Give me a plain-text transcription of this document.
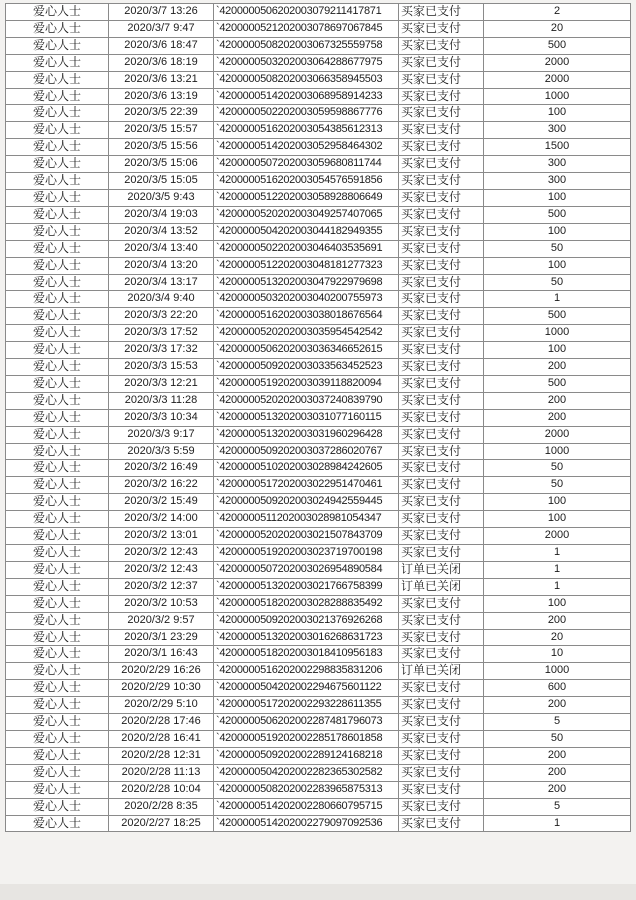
爱心人士	2020/3/7 13:26	`4200000506202003079211417871	买家已支付	2
爱心人士	2020/3/7 9:47	`4200000521202003078697067845	买家已支付	20
爱心人士	2020/3/6 18:47	`4200000508202003067325559758	买家已支付	500
爱心人士	2020/3/6 18:19	`4200000503202003064288677975	买家已支付	2000
爱心人士	2020/3/6 13:21	`4200000508202003066358945503	买家已支付	2000
爱心人士	2020/3/6 13:19	`4200000514202003068958914233	买家已支付	1000
爱心人士	2020/3/5 22:39	`4200000502202003059598867776	买家已支付	100
爱心人士	2020/3/5 15:57	`4200000516202003054385612313	买家已支付	300
爱心人士	2020/3/5 15:56	`4200000514202003052958464302	买家已支付	1500
爱心人士	2020/3/5 15:06	`4200000507202003059680811744	买家已支付	300
爱心人士	2020/3/5 15:05	`4200000516202003054576591856	买家已支付	300
爱心人士	2020/3/5 9:43	`4200000512202003058928806649	买家已支付	100
爱心人士	2020/3/4 19:03	`4200000520202003049257407065	买家已支付	500
爱心人士	2020/3/4 13:52	`4200000504202003044182949355	买家已支付	100
爱心人士	2020/3/4 13:40	`4200000502202003046403535691	买家已支付	50
爱心人士	2020/3/4 13:20	`4200000512202003048181277323	买家已支付	100
爱心人士	2020/3/4 13:17	`4200000513202003047922979698	买家已支付	50
爱心人士	2020/3/4 9:40	`4200000503202003040200755973	买家已支付	1
爱心人士	2020/3/3 22:20	`4200000516202003038018676564	买家已支付	500
爱心人士	2020/3/3 17:52	`4200000520202003035954542542	买家已支付	1000
爱心人士	2020/3/3 17:32	`4200000506202003036346652615	买家已支付	100
爱心人士	2020/3/3 15:53	`4200000509202003033563452523	买家已支付	200
爱心人士	2020/3/3 12:21	`4200000519202003039118820094	买家已支付	500
爱心人士	2020/3/3 11:28	`4200000520202003037240839790	买家已支付	200
爱心人士	2020/3/3 10:34	`4200000513202003031077160115	买家已支付	200
爱心人士	2020/3/3 9:17	`4200000513202003031960296428	买家已支付	2000
爱心人士	2020/3/3 5:59	`4200000509202003037286020767	买家已支付	1000
爱心人士	2020/3/2 16:49	`4200000510202003028984242605	买家已支付	50
爱心人士	2020/3/2 16:22	`4200000517202003022951470461	买家已支付	50
爱心人士	2020/3/2 15:49	`4200000509202003024942559445	买家已支付	100
爱心人士	2020/3/2 14:00	`4200000511202003028981054347	买家已支付	100
爱心人士	2020/3/2 13:01	`4200000520202003021507843709	买家已支付	2000
爱心人士	2020/3/2 12:43	`4200000519202003023719700198	买家已支付	1
爱心人士	2020/3/2 12:43	`4200000507202003026954890584	订单已关闭	1
爱心人士	2020/3/2 12:37	`4200000513202003021766758399	订单已关闭	1
爱心人士	2020/3/2 10:53	`4200000518202003028288835492	买家已支付	100
爱心人士	2020/3/2 9:57	`4200000509202003021376926268	买家已支付	200
爱心人士	2020/3/1 23:29	`4200000513202003016268631723	买家已支付	20
爱心人士	2020/3/1 16:43	`4200000518202003018410956183	买家已支付	10
爱心人士	2020/2/29 16:26	`4200000516202002298835831206	订单已关闭	1000
爱心人士	2020/2/29 10:30	`4200000504202002294675601122	买家已支付	600
爱心人士	2020/2/29 5:10	`4200000517202002293228611355	买家已支付	200
爱心人士	2020/2/28 17:46	`4200000506202002287481796073	买家已支付	5
爱心人士	2020/2/28 16:41	`4200000519202002285178601858	买家已支付	50
爱心人士	2020/2/28 12:31	`4200000509202002289124168218	买家已支付	200
爱心人士	2020/2/28 11:13	`4200000504202002282365302582	买家已支付	200
爱心人士	2020/2/28 10:04	`4200000508202002283965875313	买家已支付	200
爱心人士	2020/2/28 8:35	`4200000514202002280660795715	买家已支付	5
爱心人士	2020/2/27 18:25	`4200000514202002279097092536	买家已支付	1
